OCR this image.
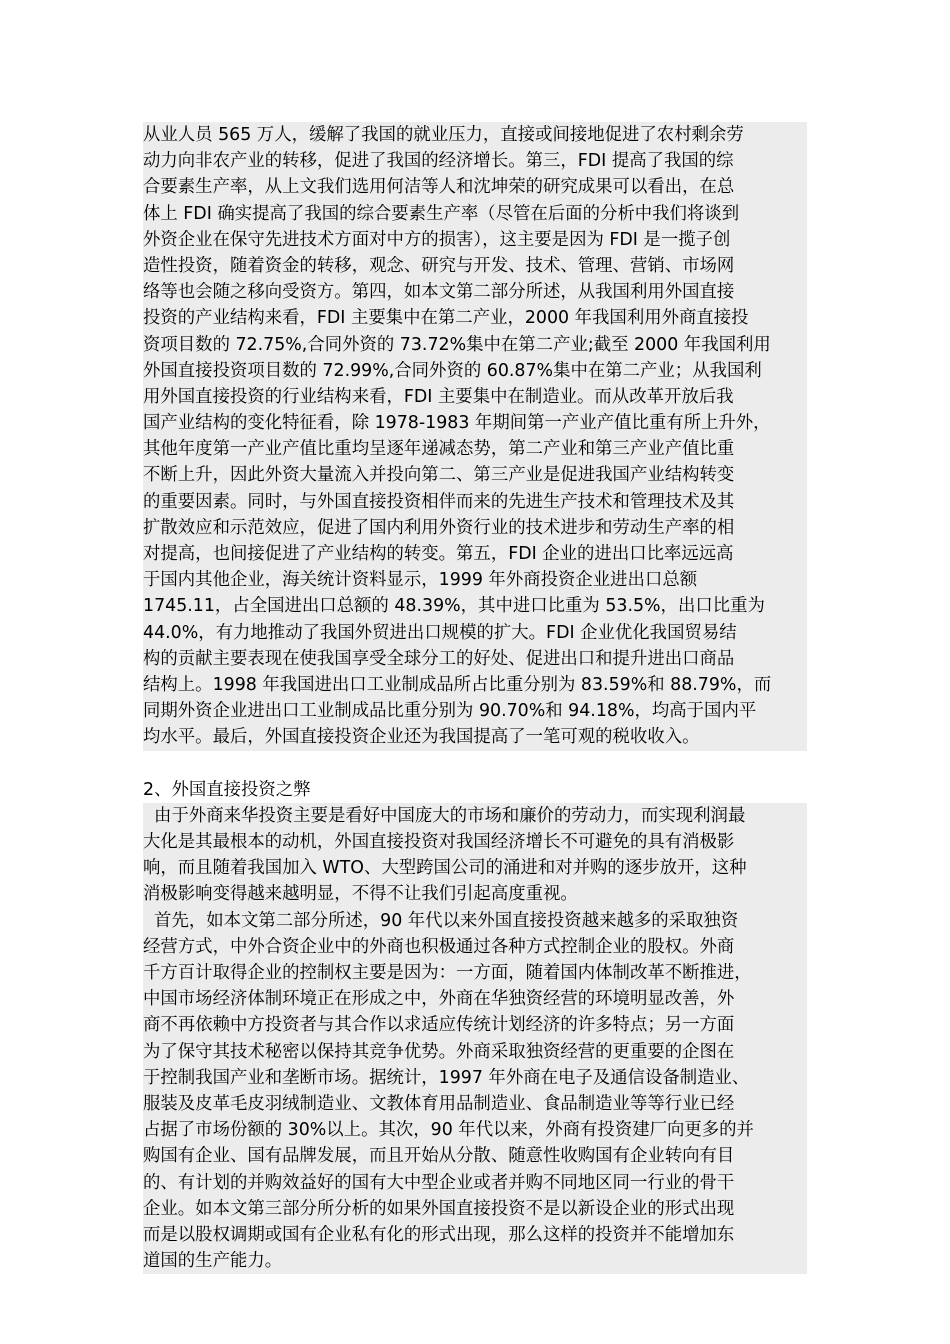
从业人员 565 万人，缓解了我国的就业压力，直接或间接地促进了农村剩余劳
动力向非农产业的转移，促进了我国的经济增长。第三，FDI 提高了我国的综
合要素生产率，从上文我们选用何洁等人和沈坤荣的研究成果可以看出，在总
体上 FDI 确实提高了我国的综合要素生产率（尽管在后面的分析中我们将谈到
外资企业在保守先进技术方面对中方的损害），这主要是因为 FDI 是一揽子创
造性投资，随着资金的转移，观念、研究与开发、技术、管理、营销、市场网
络等也会随之移向受资方。第四，如本文第二部分所述，从我国利用外国直接
投资的产业结构来看，FDI 主要集中在第二产业，2000 年我国利用外商直接投
资项目数的 72.75%,合同外资的 73.72%集中在第二产业;截至 2000 年我国利用
外国直接投资项目数的 72.99%,合同外资的 60.87%集中在第二产业；从我国利
用外国直接投资的行业结构来看，FDI 主要集中在制造业。而从改革开放后我
国产业结构的变化特征看，除 1978-1983 年期间第一产业产值比重有所上升外，
其他年度第一产业产值比重均呈逐年递减态势，第二产业和第三产业产值比重
不断上升，因此外资大量流入并投向第二、第三产业是促进我国产业结构转变
的重要因素。同时，与外国直接投资相伴而来的先进生产技术和管理技术及其
扩散效应和示范效应，促进了国内利用外资行业的技术进步和劳动生产率的相
对提高，也间接促进了产业结构的转变。第五，FDI 企业的进出口比率远远高
于国内其他企业，海关统计资料显示，1999 年外商投资企业进出口总额
1745.11，占全国进出口总额的 48.39%，其中进口比重为 53.5%，出口比重为
44.0%，有力地推动了我国外贸进出口规模的扩大。FDI 企业优化我国贸易结
构的贡献主要表现在使我国享受全球分工的好处、促进出口和提升进出口商品
结构上。1998 年我国进出口工业制成品所占比重分别为 83.59%和 88.79%，而
同期外资企业进出口工业制成品比重分别为 90.70%和 94.18%，均高于国内平
均水平。最后，外国直接投资企业还为我国提高了一笔可观的税收收入。
2、外国直接投资之弊
由于外商来华投资主要是看好中国庞大的市场和廉价的劳动力，而实现利润最
大化是其最根本的动机，外国直接投资对我国经济增长不可避免的具有消极影
响，而且随着我国加入 WTO、大型跨国公司的涌进和对并购的逐步放开，这种
消极影响变得越来越明显，不得不让我们引起高度重视。
首先，如本文第二部分所述，90 年代以来外国直接投资越来越多的采取独资
经营方式，中外合资企业中的外商也积极通过各种方式控制企业的股权。外商
千方百计取得企业的控制权主要是因为：一方面，随着国内体制改革不断推进，
中国市场经济体制环境正在形成之中，外商在华独资经营的环境明显改善，外
商不再依赖中方投资者与其合作以求适应传统计划经济的许多特点；另一方面
为了保守其技术秘密以保持其竞争优势。外商采取独资经营的更重要的企图在
于控制我国产业和垄断市场。据统计，1997 年外商在电子及通信设备制造业、
服装及皮革毛皮羽绒制造业、文教体育用品制造业、食品制造业等等行业已经
占据了市场份额的 30%以上。其次，90 年代以来，外商有投资建厂向更多的并
购国有企业、国有品牌发展，而且开始从分散、随意性收购国有企业转向有目
的、有计划的并购效益好的国有大中型企业或者并购不同地区同一行业的骨干
企业。如本文第三部分所分析的如果外国直接投资不是以新设企业的形式出现
而是以股权调期或国有企业私有化的形式出现，那么这样的投资并不能增加东
道国的生产能力。
